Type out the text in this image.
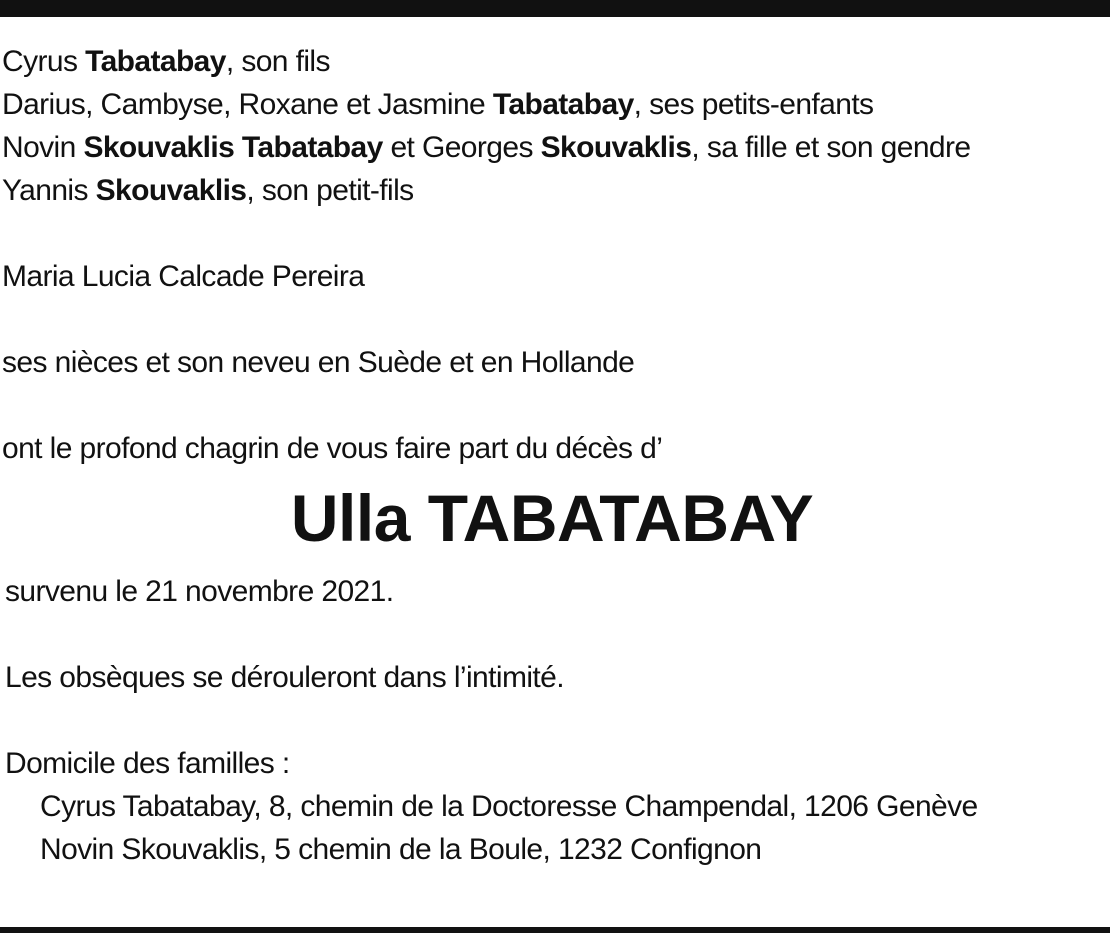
Cyrus Tabatabay, son fils
Darius, Cambyse, Roxane et Jasmine Tabatabay, ses petits-enfants
Novin Skouvaklis Tabatabay et Georges Skouvaklis, sa fille et son gendre
Yannis Skouvaklis, son petit-fils
Maria Lucia Calcade Pereira
ses nièces et son neveu en Suède et en Hollande
ont le profond chagrin de vous faire part du décès d’
Ulla TABATABAY
survenu le 21 novembre 2021.
Les obsèques se dérouleront dans l’intimité.
Domicile des familles :
Cyrus Tabatabay, 8, chemin de la Doctoresse Champendal, 1206 Genève
Novin Skouvaklis, 5 chemin de la Boule, 1232 Confignon
